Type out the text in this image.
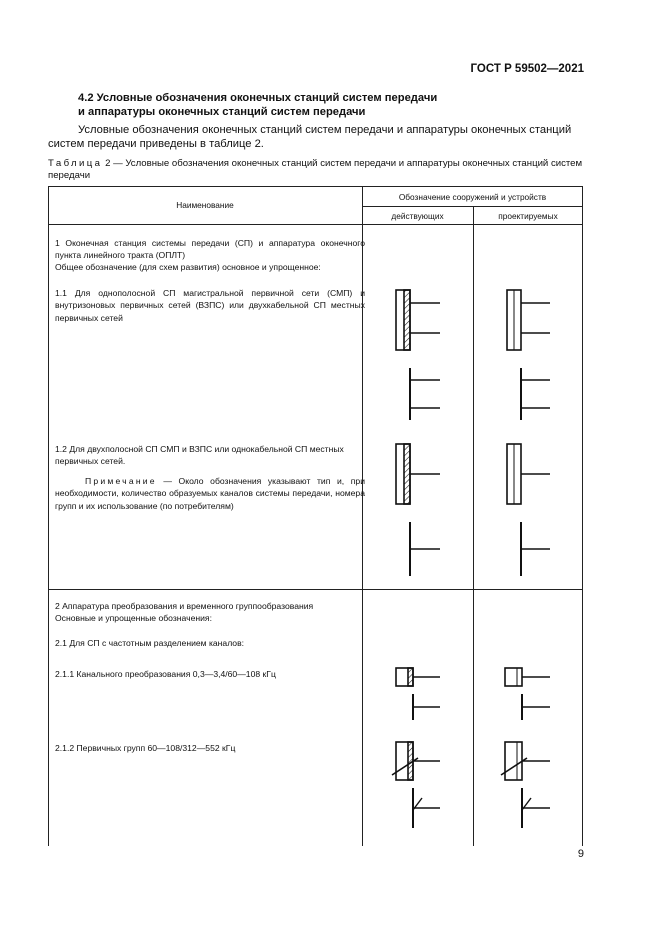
ГОСТ Р 59502—2021
4.2 Условные обозначения оконечных станций систем передачи
и аппаратуры оконечных станций систем передачи
Условные обозначения оконечных станций систем передачи и аппаратуры оконечных станций систем передачи приведены в таблице 2.
Таблица 2 — Условные обозначения оконечных станций систем передачи и аппаратуры оконечных станций систем передачи
Наименование
Обозначение сооружений и устройств
действующих	проектируемых
1 Оконечная станция системы передачи (СП) и аппаратура оконечного пункта линейного тракта (ОПЛТ)
Общее обозначение (для схем развития) основное и упрощенное:
1.1 Для однополосной СП магистральной первичной сети (СМП) и внутризоновых первичных сетей (ВЗПС) или двухкабельной СП местных первичных сетей
1.2 Для двухполосной СП СМП и ВЗПС или однокабельной СП местных первичных сетей.
Примечание — Около обозначения указывают тип и, при необходимости, количество образуемых каналов системы передачи, номера групп и их использование (по потребителям)
2 Аппаратура преобразования и временного группообразования
Основные и упрощенные обозначения:
2.1 Для СП с частотным разделением каналов:
2.1.1 Канального преобразования 0,3—3,4/60—108 кГц
2.1.2 Первичных групп 60—108/312—552 кГц
9
